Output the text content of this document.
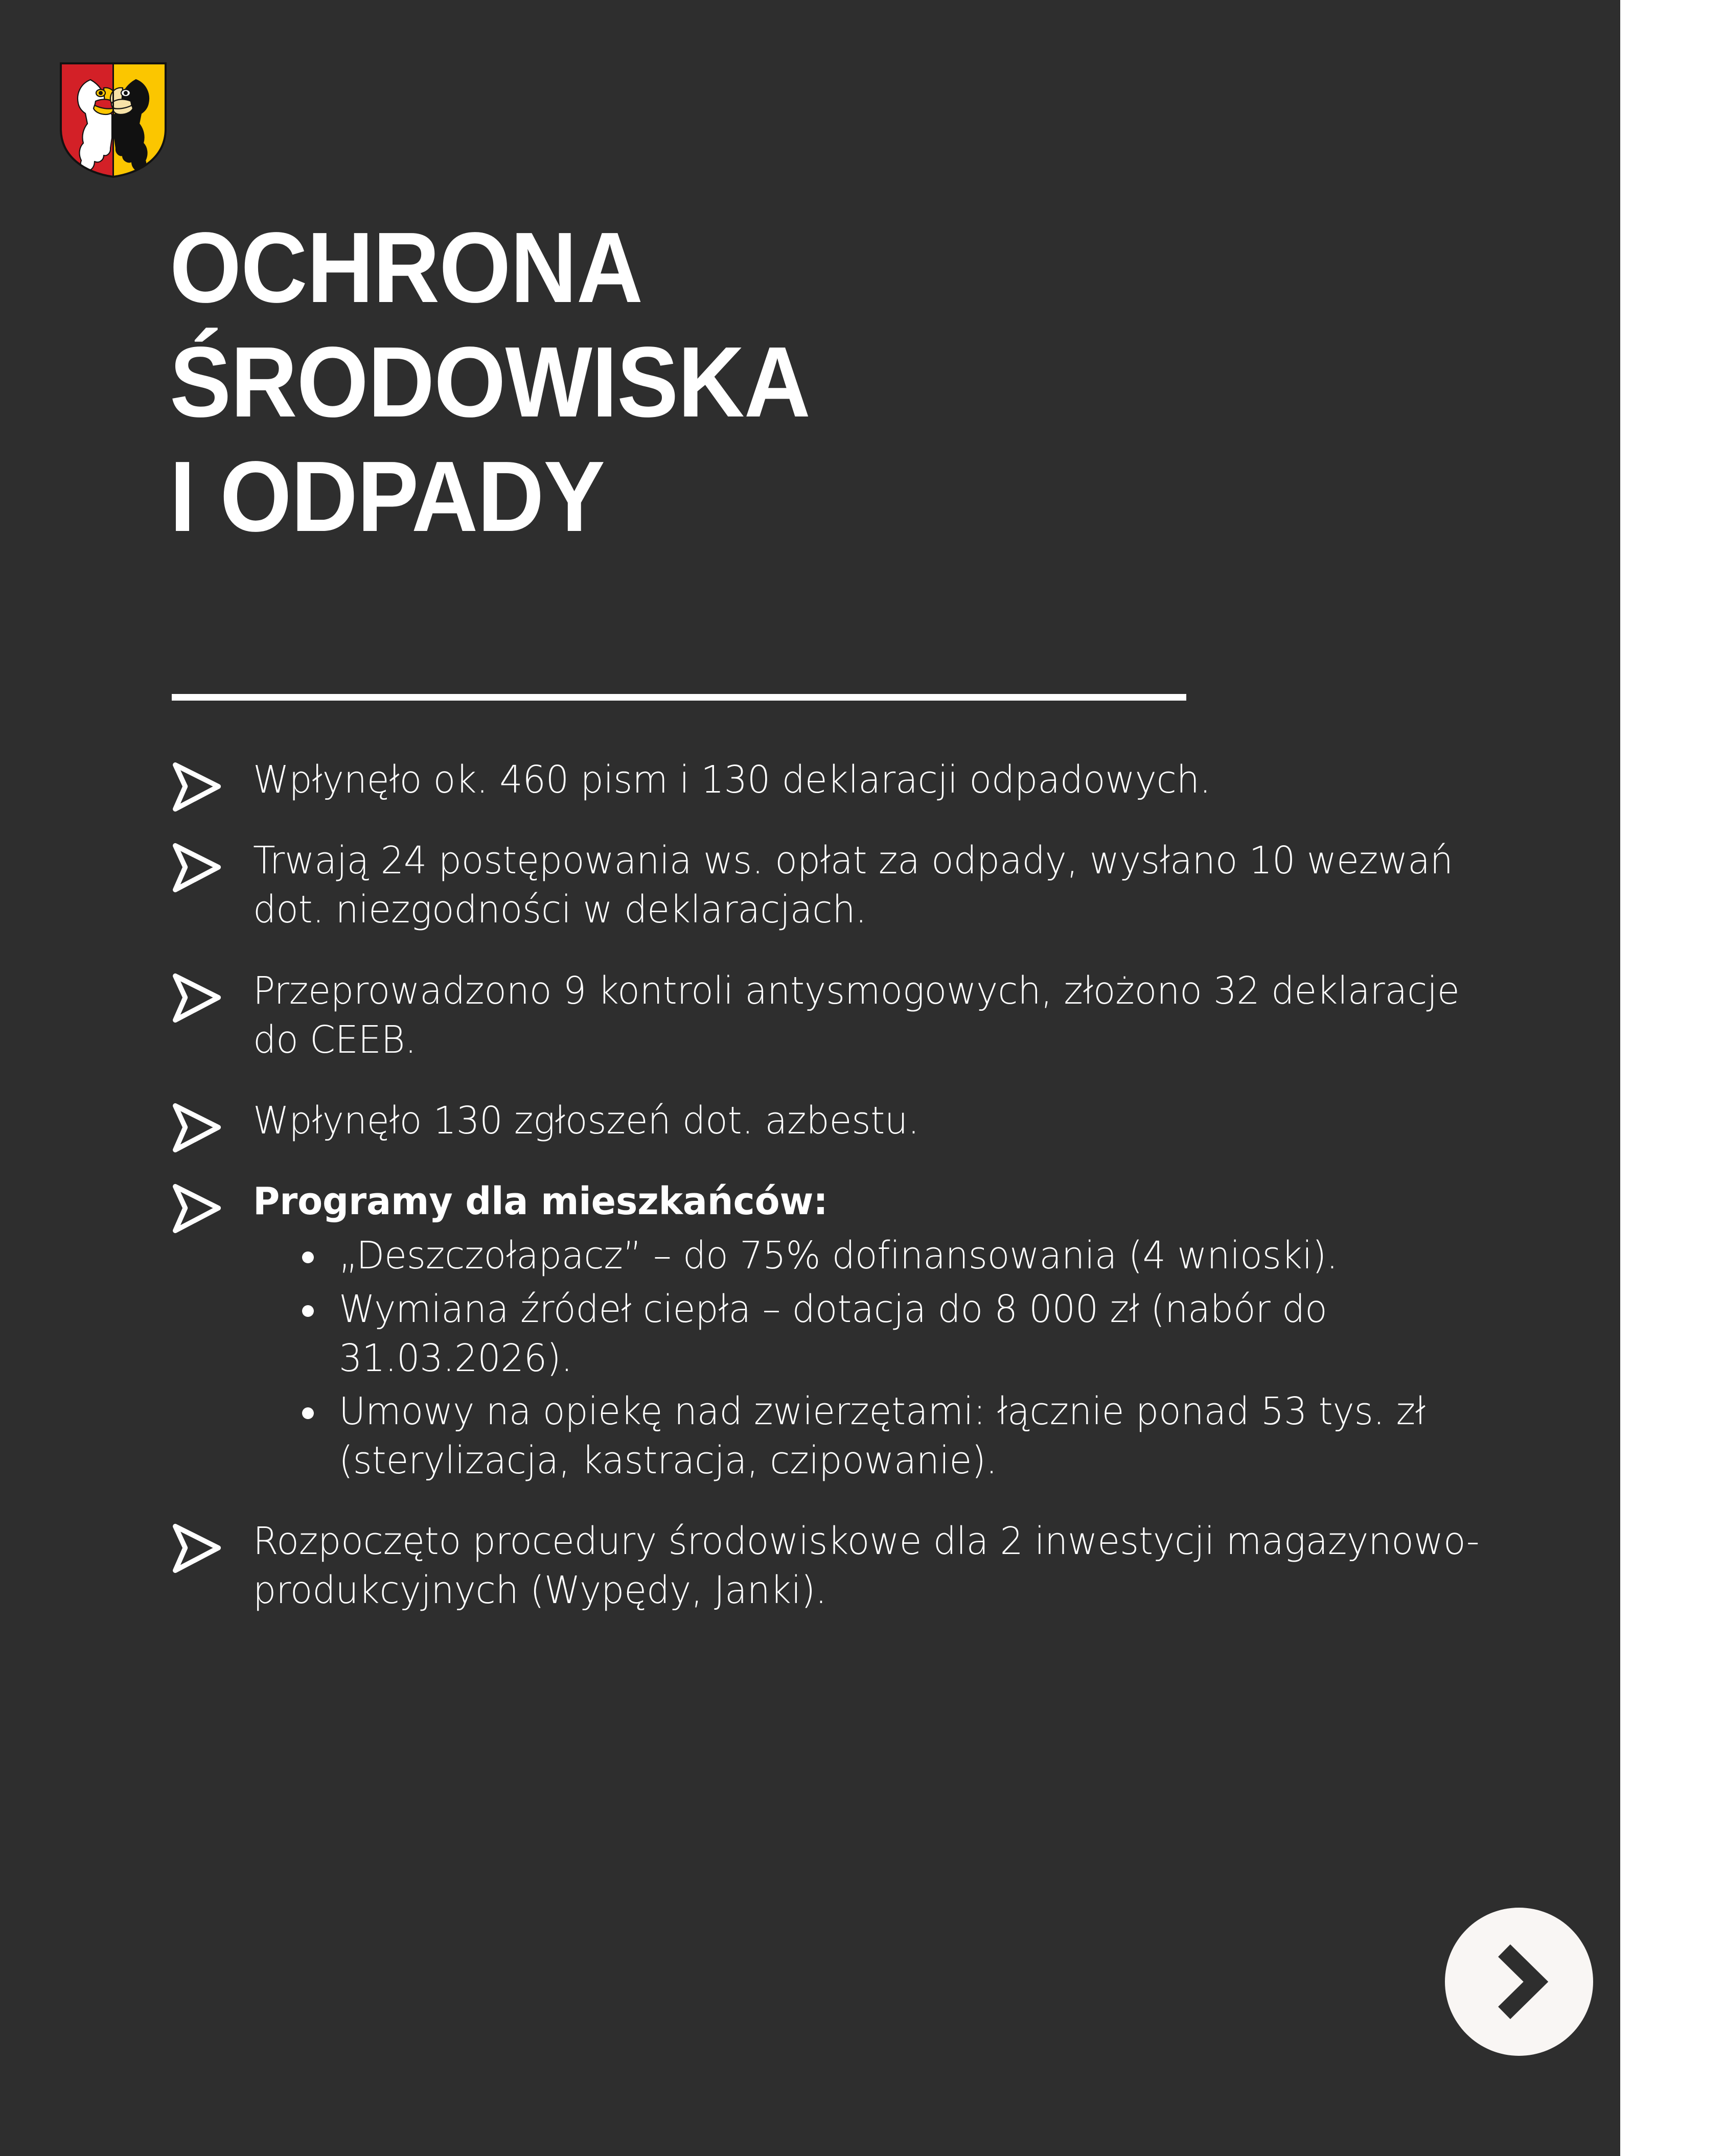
OCHRONA
ŚRODOWISKA
I ODPADY
Wpłynęło ok. 460 pism i 130 deklaracji odpadowych.
Trwają 24 postępowania ws. opłat za odpady, wysłano 10 wezwań dot. niezgodności w deklaracjach.
Przeprowadzono 9 kontroli antysmogowych, złożono 32 deklaracje do CEEB.
Wpłynęło 130 zgłoszeń dot. azbestu.
Programy dla mieszkańców:
„Deszczołapacz” – do 75% dofinansowania (4 wnioski).
Wymiana źródeł ciepła – dotacja do 8 000 zł (nabór do 31.03.2026).
Umowy na opiekę nad zwierzętami: łącznie ponad 53 tys. zł (sterylizacja, kastracja, czipowanie).
Rozpoczęto procedury środowiskowe dla 2 inwestycji magazynowo-produkcyjnych (Wypędy, Janki).
